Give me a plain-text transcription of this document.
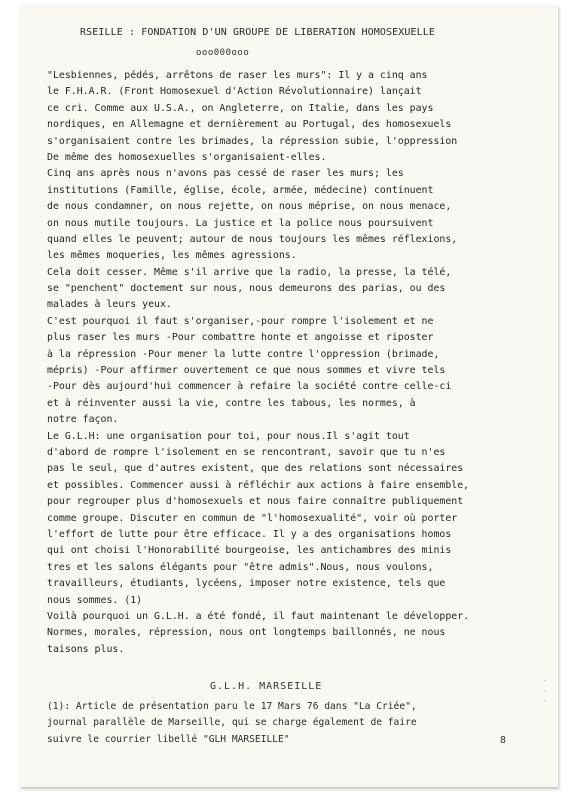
RSEILLE : FONDATION D'UN GROUPE DE LIBERATION HOMOSEXUELLE
ooo000ooo
"Lesbiennes, pédés, arrêtons de raser les murs": Il y a cinq ans
le F.H.A.R. (Front Homosexuel d'Action Révolutionnaire) lançait
ce cri. Comme aux U.S.A., on Angleterre, on Italie, dans les pays
nordiques, en Allemagne et dernièrement au Portugal, des homosexuels
s'organisaient contre les brimades, la répression subie, l'oppression
De même des homosexuelles s'organisaient-elles.
Cinq ans après nous n'avons pas cessé de raser les murs; les
institutions (Famille, église, école, armée, médecine) continuent
de nous condamner, on nous rejette, on nous méprise, on nous menace,
on nous mutile toujours. La justice et la police nous poursuivent
quand elles le peuvent; autour de nous toujours les mêmes réflexions,
les mêmes moqueries, les mêmes agressions.
Cela doit cesser. Même s'il arrive que la radio, la presse, la télé,
se "penchent" doctement sur nous, nous demeurons des parias, ou des
malades à leurs yeux.
C'est pourquoi il faut s'organiser,-pour rompre l'isolement et ne
plus raser les murs -Pour combattre honte et angoisse et riposter
à la répression -Pour mener la lutte contre l'oppression (brimade,
mépris) -Pour affirmer ouvertement ce que nous sommes et vivre tels
-Pour dès aujourd'hui commencer à refaire la société contre celle-ci
et à réinventer aussi la vie, contre les tabous, les normes, à
notre façon.
Le G.L.H: une organisation pour toi, pour nous.Il s'agit tout
d'abord de rompre l'isolement en se rencontrant, savoir que tu n'es
pas le seul, que d'autres existent, que des relations sont nécessaires
et possibles. Commencer aussi à réfléchir aux actions à faire ensemble,
pour regrouper plus d'homosexuels et nous faire connaître publiquement
comme groupe. Discuter en commun de "l'homosexualité", voir où porter
l'effort de lutte pour être efficace. Il y a des organisations homos
qui ont choisi l'Honorabilité bourgeoise, les antichambres des minis
tres et les salons élégants pour "être admis".Nous, nous voulons,
travailleurs, étudiants, lycéens, imposer notre existence, tels que
nous sommes. (1)
Voilà pourquoi un G.L.H. a été fondé, il faut maintenant le développer.
Normes, morales, répression, nous ont longtemps baillonnés, ne nous
taisons plus.
G.L.H. MARSEILLE
(1): Article de présentation paru le 17 Mars 76 dans "La Criée",
journal parallèle de Marseille, qui se charge également de faire
suivre le courrier libellé "GLH MARSEILLE"	8
·
·
·
